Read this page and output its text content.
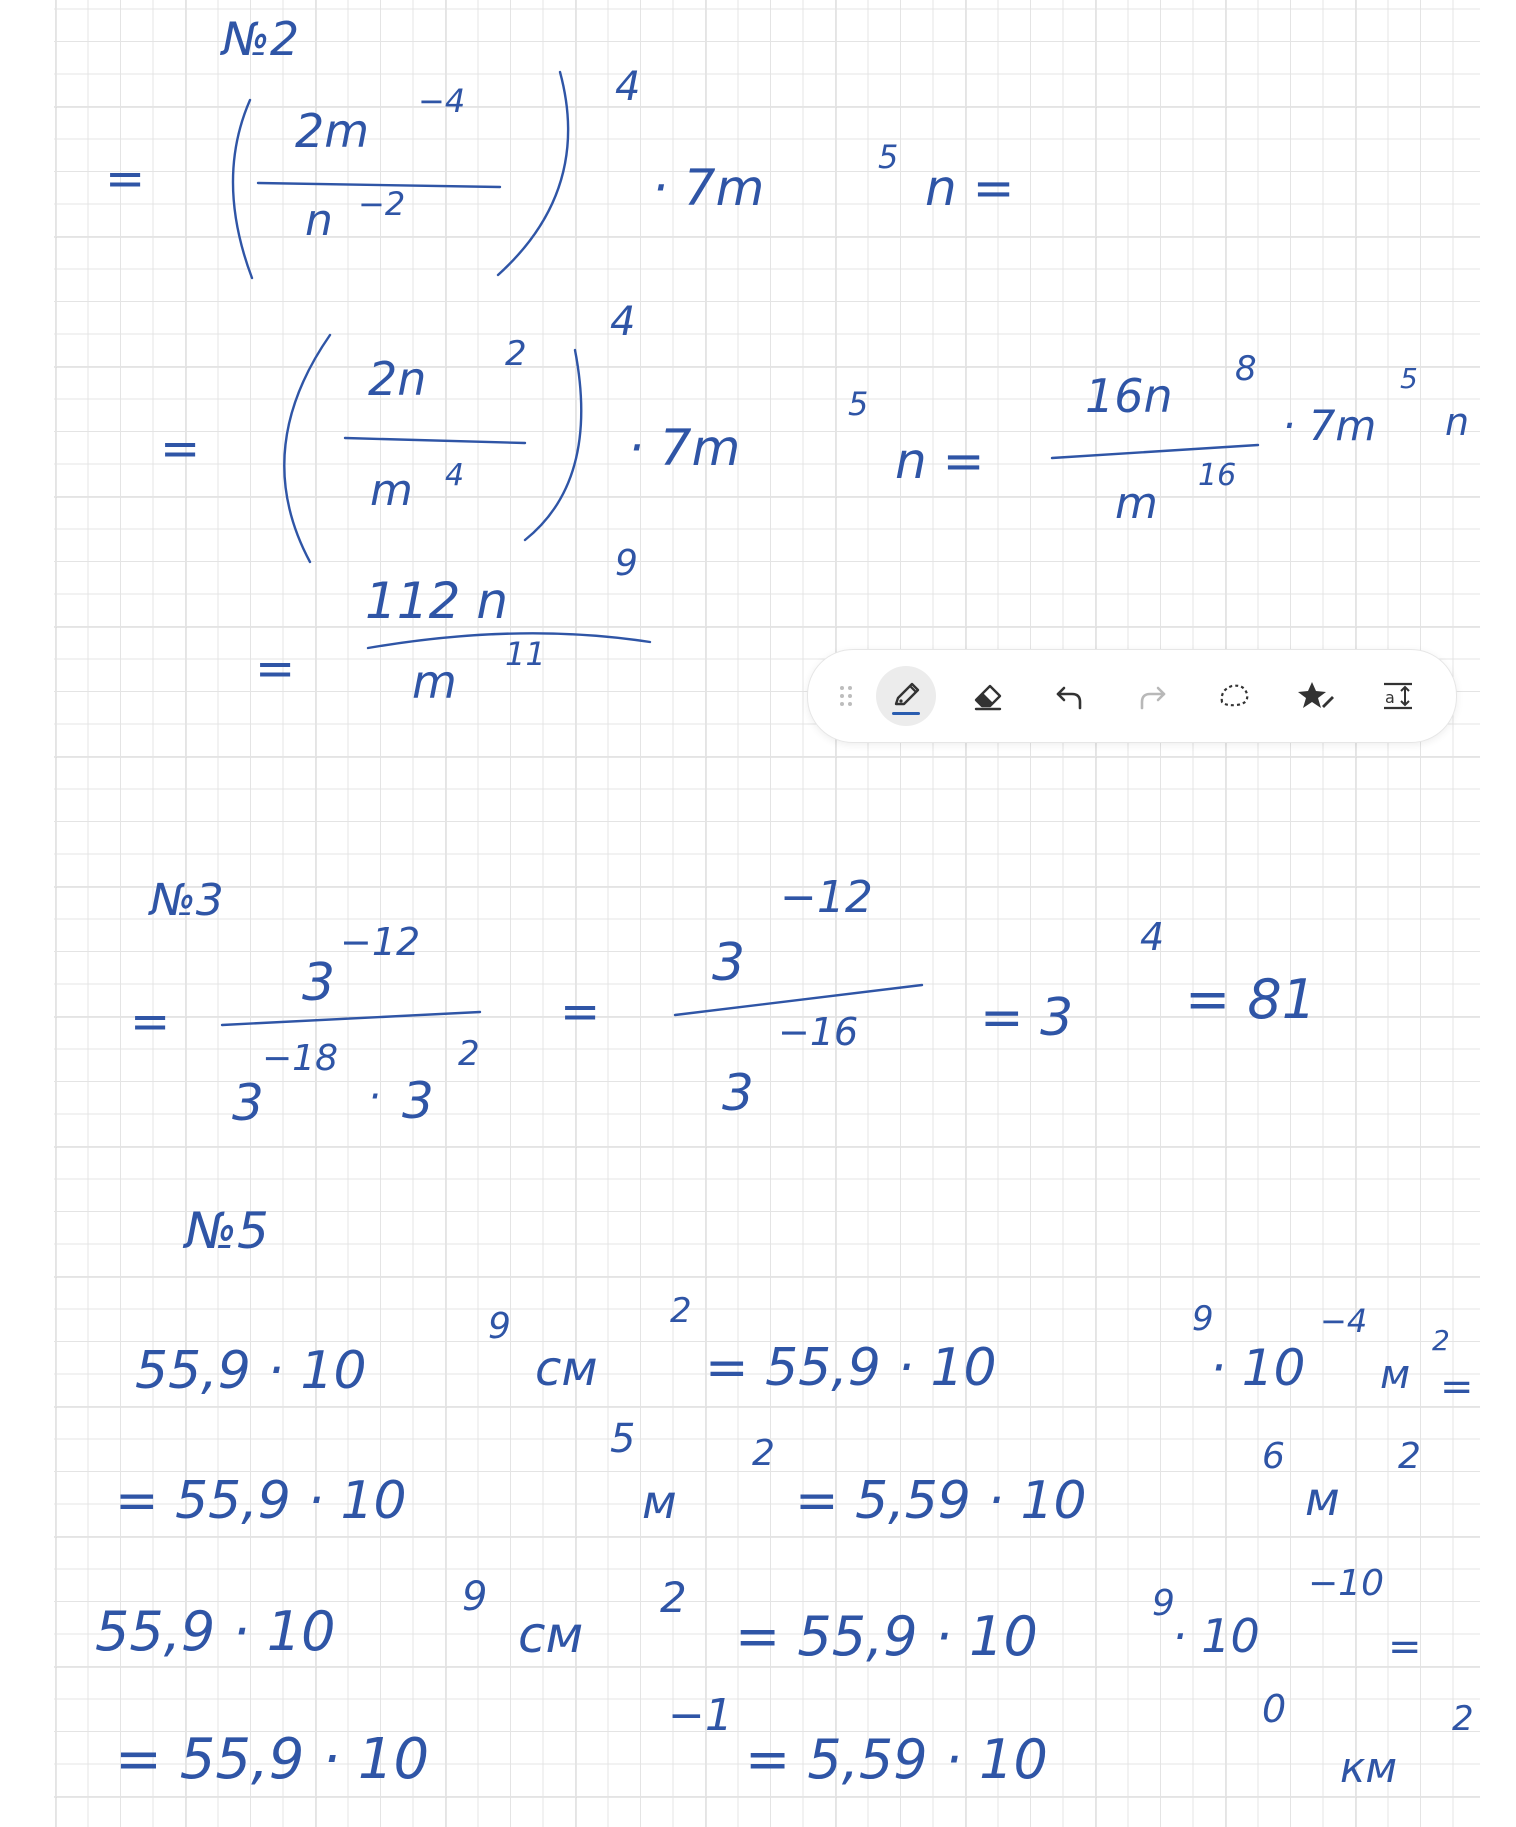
№2
=
2m
−4
n −2
4
· 7m
5
n =
=
2n 2
m 4
4
· 7m
5
n =
16n 8
m
16
· 7m
5
n
=
112 n
9
m
11
№3
=
3
−12
3
−18
· 3
2
=
3
−12
3
−16 = 3
4
= 81
№5
55,9 · 10
9
см
2
= 55,9 · 10
9
· 10
−4
м
2
=
= 55,9 · 10
5
м
2
= 5,59 · 10
6
м
2
55,9 · 10
9
см
2
= 55,9 · 10
9
· 10
−10
=
= 55,9 · 10
−1
= 5,59 · 10
0
км
2
a
